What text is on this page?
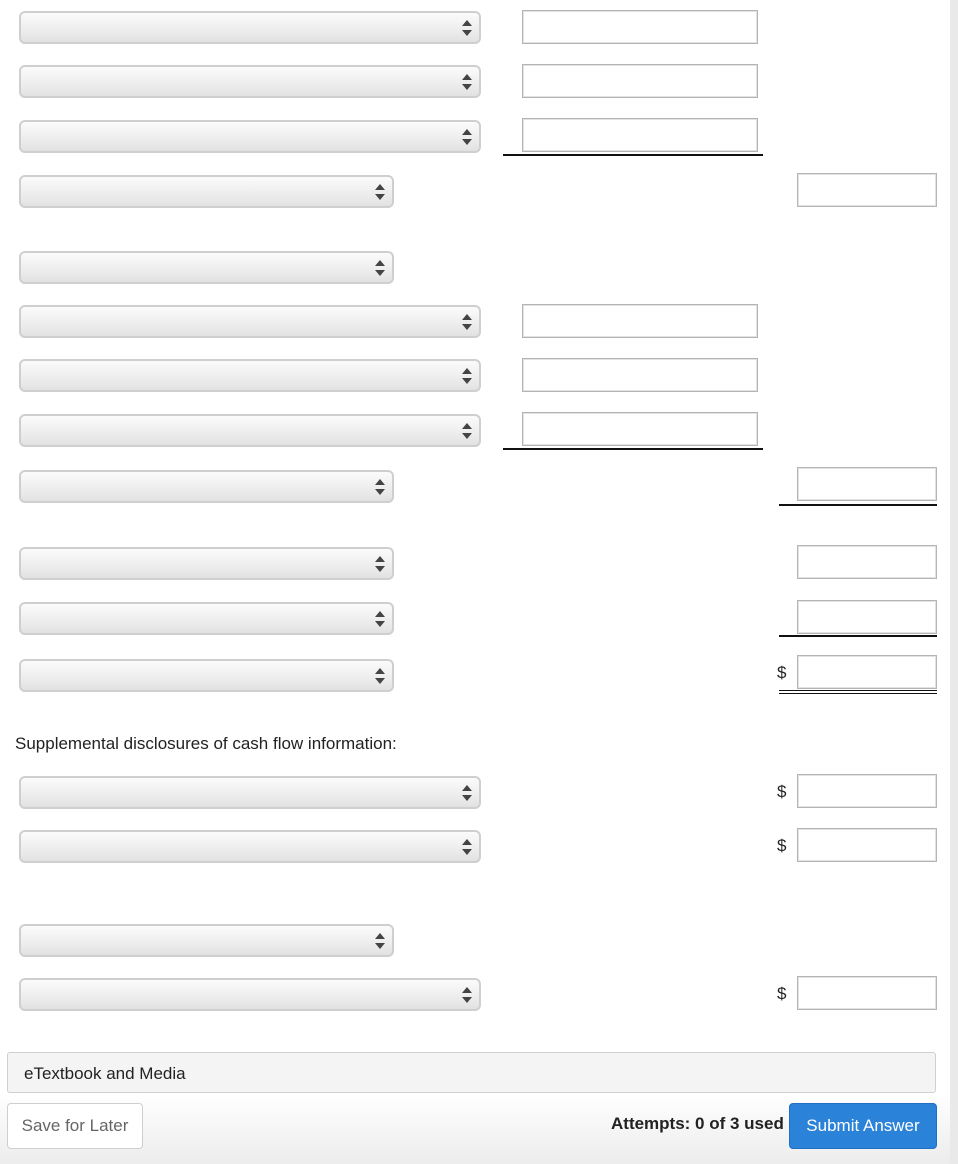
$
Supplemental disclosures of cash flow information:
$
$
$
eTextbook and Media
Save for Later	Attempts: 0 of 3 used	Submit Answer
